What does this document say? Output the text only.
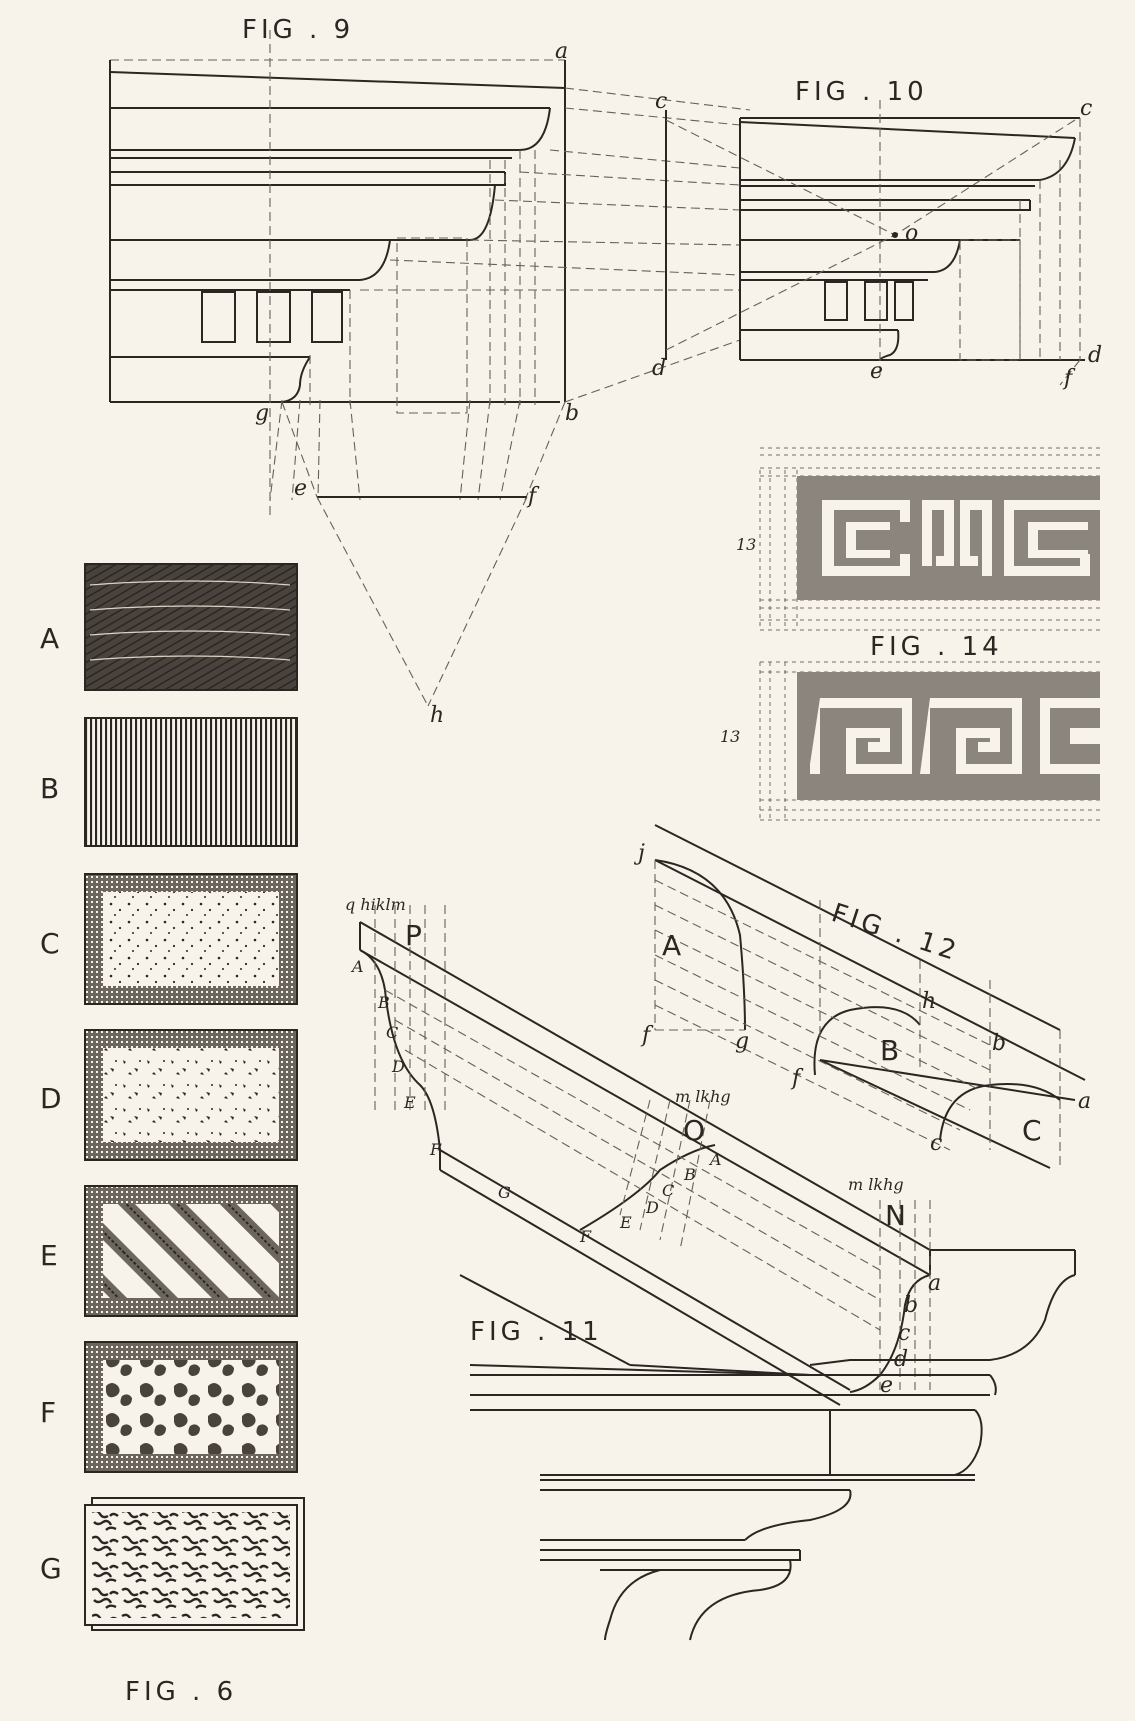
FIG . 9
a
b
g
e	f
h
FIG . 10
c	c
o
d
d
e	f
13
FIG . 14
13
A
B
C
D
E
F
G
FIG . 6
FIG . 11
q hiklm
P
A
B
C
D
E
F
G
m lkhg
O
A
B
C
D
E
F
m lkhg
N
a
b
c
d
e
FIG . 12
j
A
f	g
h
B	b
C
a
c
f
